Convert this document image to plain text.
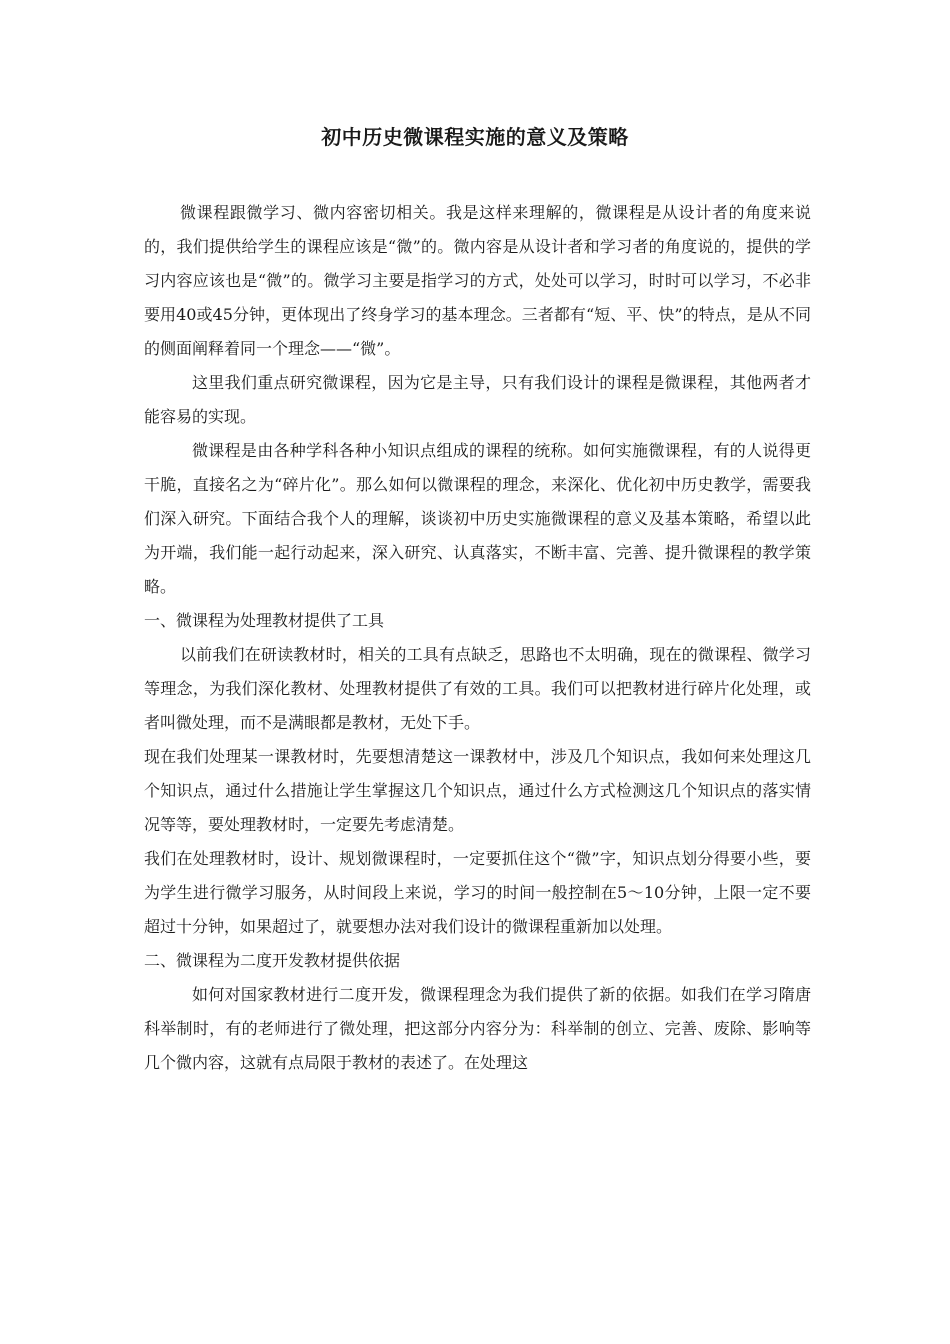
初中历史微课程实施的意义及策略

微课程跟微学习、微内容密切相关。我是这样来理解的，微课程是从设计者的角度来说的，我们提供给学生的课程应该是“微”的。微内容是从设计者和学习者的角度说的，提供的学习内容应该也是“微”的。微学习主要是指学习的方式，处处可以学习，时时可以学习，不必非要用40或45分钟，更体现出了终身学习的基本理念。三者都有“短、平、快”的特点，是从不同的侧面阐释着同一个理念——“微”。

这里我们重点研究微课程，因为它是主导，只有我们设计的课程是微课程，其他两者才能容易的实现。

微课程是由各种学科各种小知识点组成的课程的统称。如何实施微课程，有的人说得更干脆，直接名之为“碎片化”。那么如何以微课程的理念，来深化、优化初中历史教学，需要我们深入研究。下面结合我个人的理解，谈谈初中历史实施微课程的意义及基本策略，希望以此为开端，我们能一起行动起来，深入研究、认真落实，不断丰富、完善、提升微课程的教学策略。

一、微课程为处理教材提供了工具

以前我们在研读教材时，相关的工具有点缺乏，思路也不太明确，现在的微课程、微学习等理念，为我们深化教材、处理教材提供了有效的工具。我们可以把教材进行碎片化处理，或者叫微处理，而不是满眼都是教材，无处下手。

现在我们处理某一课教材时，先要想清楚这一课教材中，涉及几个知识点，我如何来处理这几个知识点，通过什么措施让学生掌握这几个知识点，通过什么方式检测这几个知识点的落实情况等等，要处理教材时，一定要先考虑清楚。

我们在处理教材时，设计、规划微课程时，一定要抓住这个“微”字，知识点划分得要小些，要为学生进行微学习服务，从时间段上来说，学习的时间一般控制在5～10分钟，上限一定不要超过十分钟，如果超过了，就要想办法对我们设计的微课程重新加以处理。

二、微课程为二度开发教材提供依据

如何对国家教材进行二度开发，微课程理念为我们提供了新的依据。如我们在学习隋唐科举制时，有的老师进行了微处理，把这部分内容分为：科举制的创立、完善、废除、影响等几个微内容，这就有点局限于教材的表述了。在处理这
